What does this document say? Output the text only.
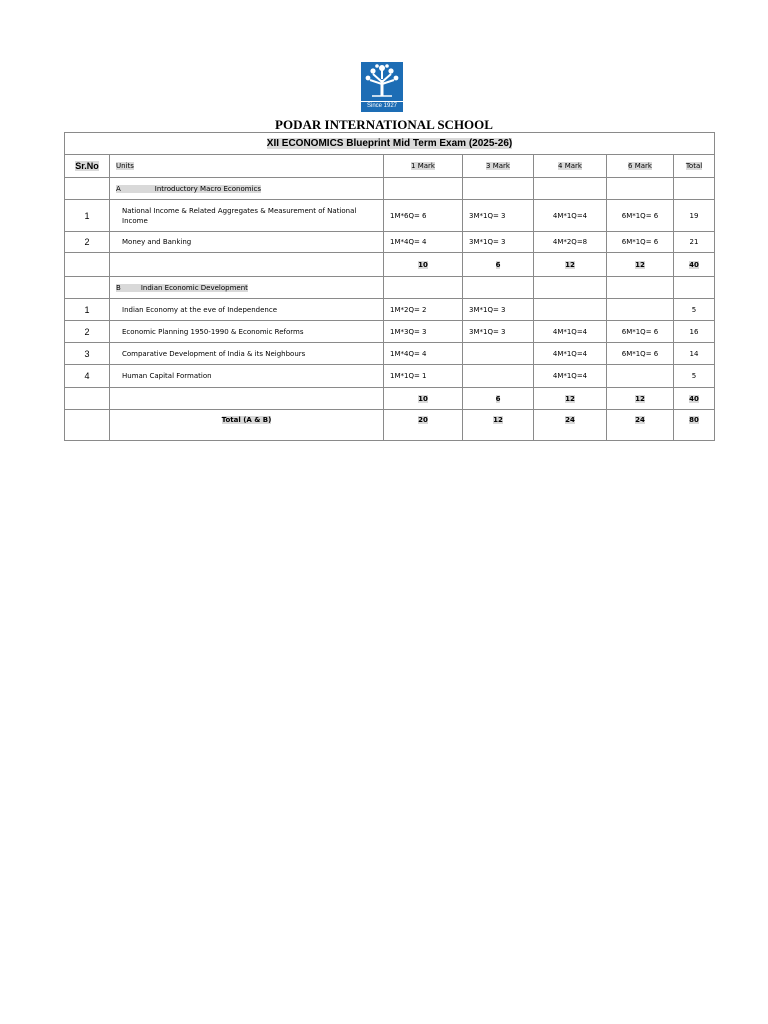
Since 1927
PODAR INTERNATIONAL SCHOOL
XII ECONOMICS Blueprint Mid Term Exam (2025-26)						
Sr.No	Units	1 Mark	3 Mark	4 Mark	6 Mark	Total
	A Introductory Macro Economics					
1	National Income & Related Aggregates & Measurement of National Income	1M*6Q= 6	3M*1Q= 3	4M*1Q=4	6M*1Q= 6	19
2	Money and Banking	1M*4Q= 4	3M*1Q= 3	4M*2Q=8	6M*1Q= 6	21
		10	6	12	12	40
	B Indian Economic Development					
1	Indian Economy at the eve of Independence	1M*2Q= 2	3M*1Q= 3			5
2	Economic Planning 1950-1990 & Economic Reforms	1M*3Q= 3	3M*1Q= 3	4M*1Q=4	6M*1Q= 6	16
3	Comparative Development of India & its Neighbours	1M*4Q= 4		4M*1Q=4	6M*1Q= 6	14
4	Human Capital Formation	1M*1Q= 1		4M*1Q=4		5
		10	6	12	12	40
	Total (A & B)	20	12	24	24	80
